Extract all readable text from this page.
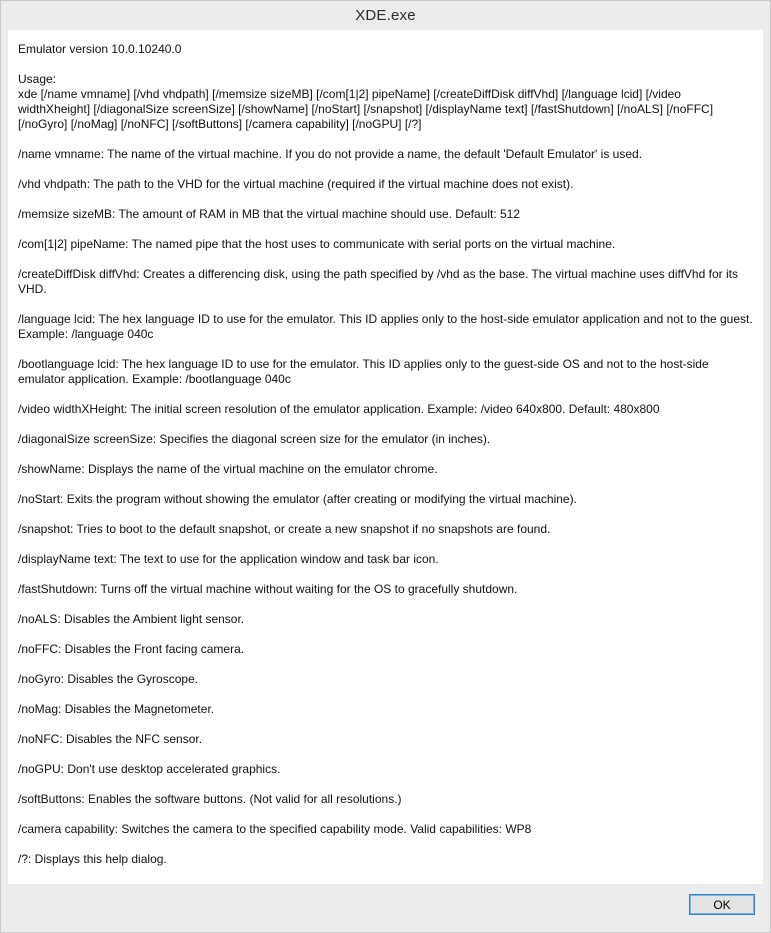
XDE.exe

Emulator version 10.0.10240.0

Usage:

xde [/name vmname] [/vhd vhdpath] [/memsize sizeMB] [/com[1|2] pipeName] [/createDiffDisk diffVhd] [/language lcid] [/video widthXheight] [/diagonalSize screenSize] [/showName] [/noStart] [/snapshot] [/displayName text] [/fastShutdown] [/noALS] [/noFFC] [/noGyro] [/noMag] [/noNFC] [/softButtons] [/camera capability] [/noGPU] [/?]

/name vmname: The name of the virtual machine. If you do not provide a name, the default 'Default Emulator' is used.

/vhd vhdpath: The path to the VHD for the virtual machine (required if the virtual machine does not exist).

/memsize sizeMB: The amount of RAM in MB that the virtual machine should use. Default: 512

/com[1|2] pipeName: The named pipe that the host uses to communicate with serial ports on the virtual machine.

/createDiffDisk diffVhd: Creates a differencing disk, using the path specified by /vhd as the base. The virtual machine uses diffVhd for its VHD.

/language lcid: The hex language ID to use for the emulator. This ID applies only to the host-side emulator application and not to the guest. Example: /language 040c

/bootlanguage lcid: The hex language ID to use for the emulator. This ID applies only to the guest-side OS and not to the host-side emulator application. Example: /bootlanguage 040c

/video widthXHeight: The initial screen resolution of the emulator application. Example: /video 640x800. Default: 480x800

/diagonalSize screenSize: Specifies the diagonal screen size for the emulator (in inches).

/showName: Displays the name of the virtual machine on the emulator chrome.

/noStart: Exits the program without showing the emulator (after creating or modifying the virtual machine).

/snapshot: Tries to boot to the default snapshot, or create a new snapshot if no snapshots are found.

/displayName text: The text to use for the application window and task bar icon.

/fastShutdown: Turns off the virtual machine without waiting for the OS to gracefully shutdown.

/noALS: Disables the Ambient light sensor.

/noFFC: Disables the Front facing camera.

/noGyro: Disables the Gyroscope.

/noMag: Disables the Magnetometer.

/noNFC: Disables the NFC sensor.

/noGPU: Don't use desktop accelerated graphics.

/softButtons: Enables the software buttons. (Not valid for all resolutions.)

/camera capability: Switches the camera to the specified capability mode. Valid capabilities: WP8

/?: Displays this help dialog.

OK
